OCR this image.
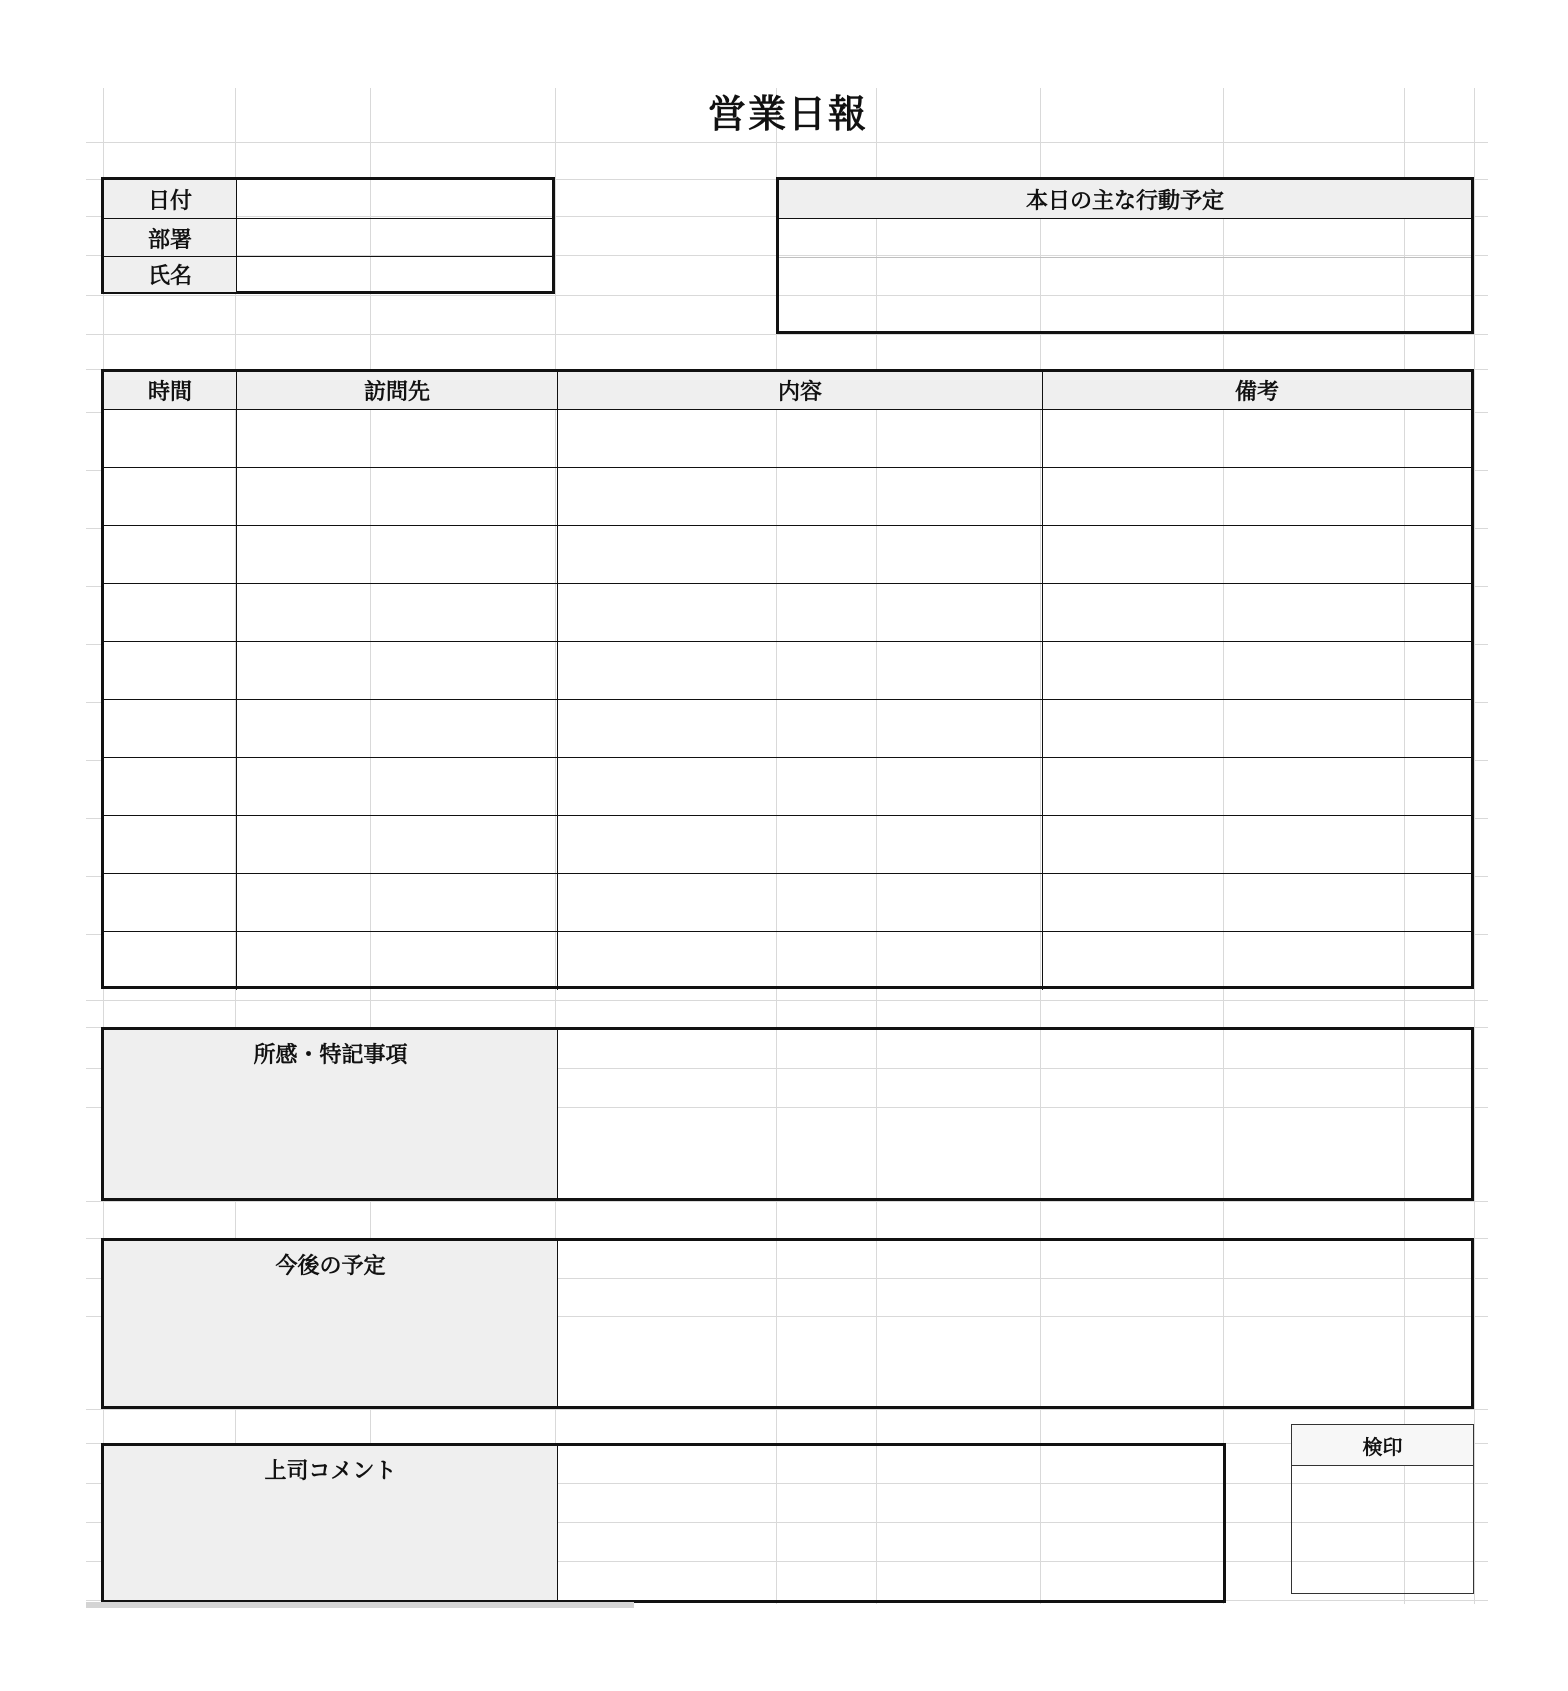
営業日報
日付
部署
氏名
本日の主な行動予定
時間	訪問先	内容	備考
所感・特記事項
今後の予定
上司コメント
検印
